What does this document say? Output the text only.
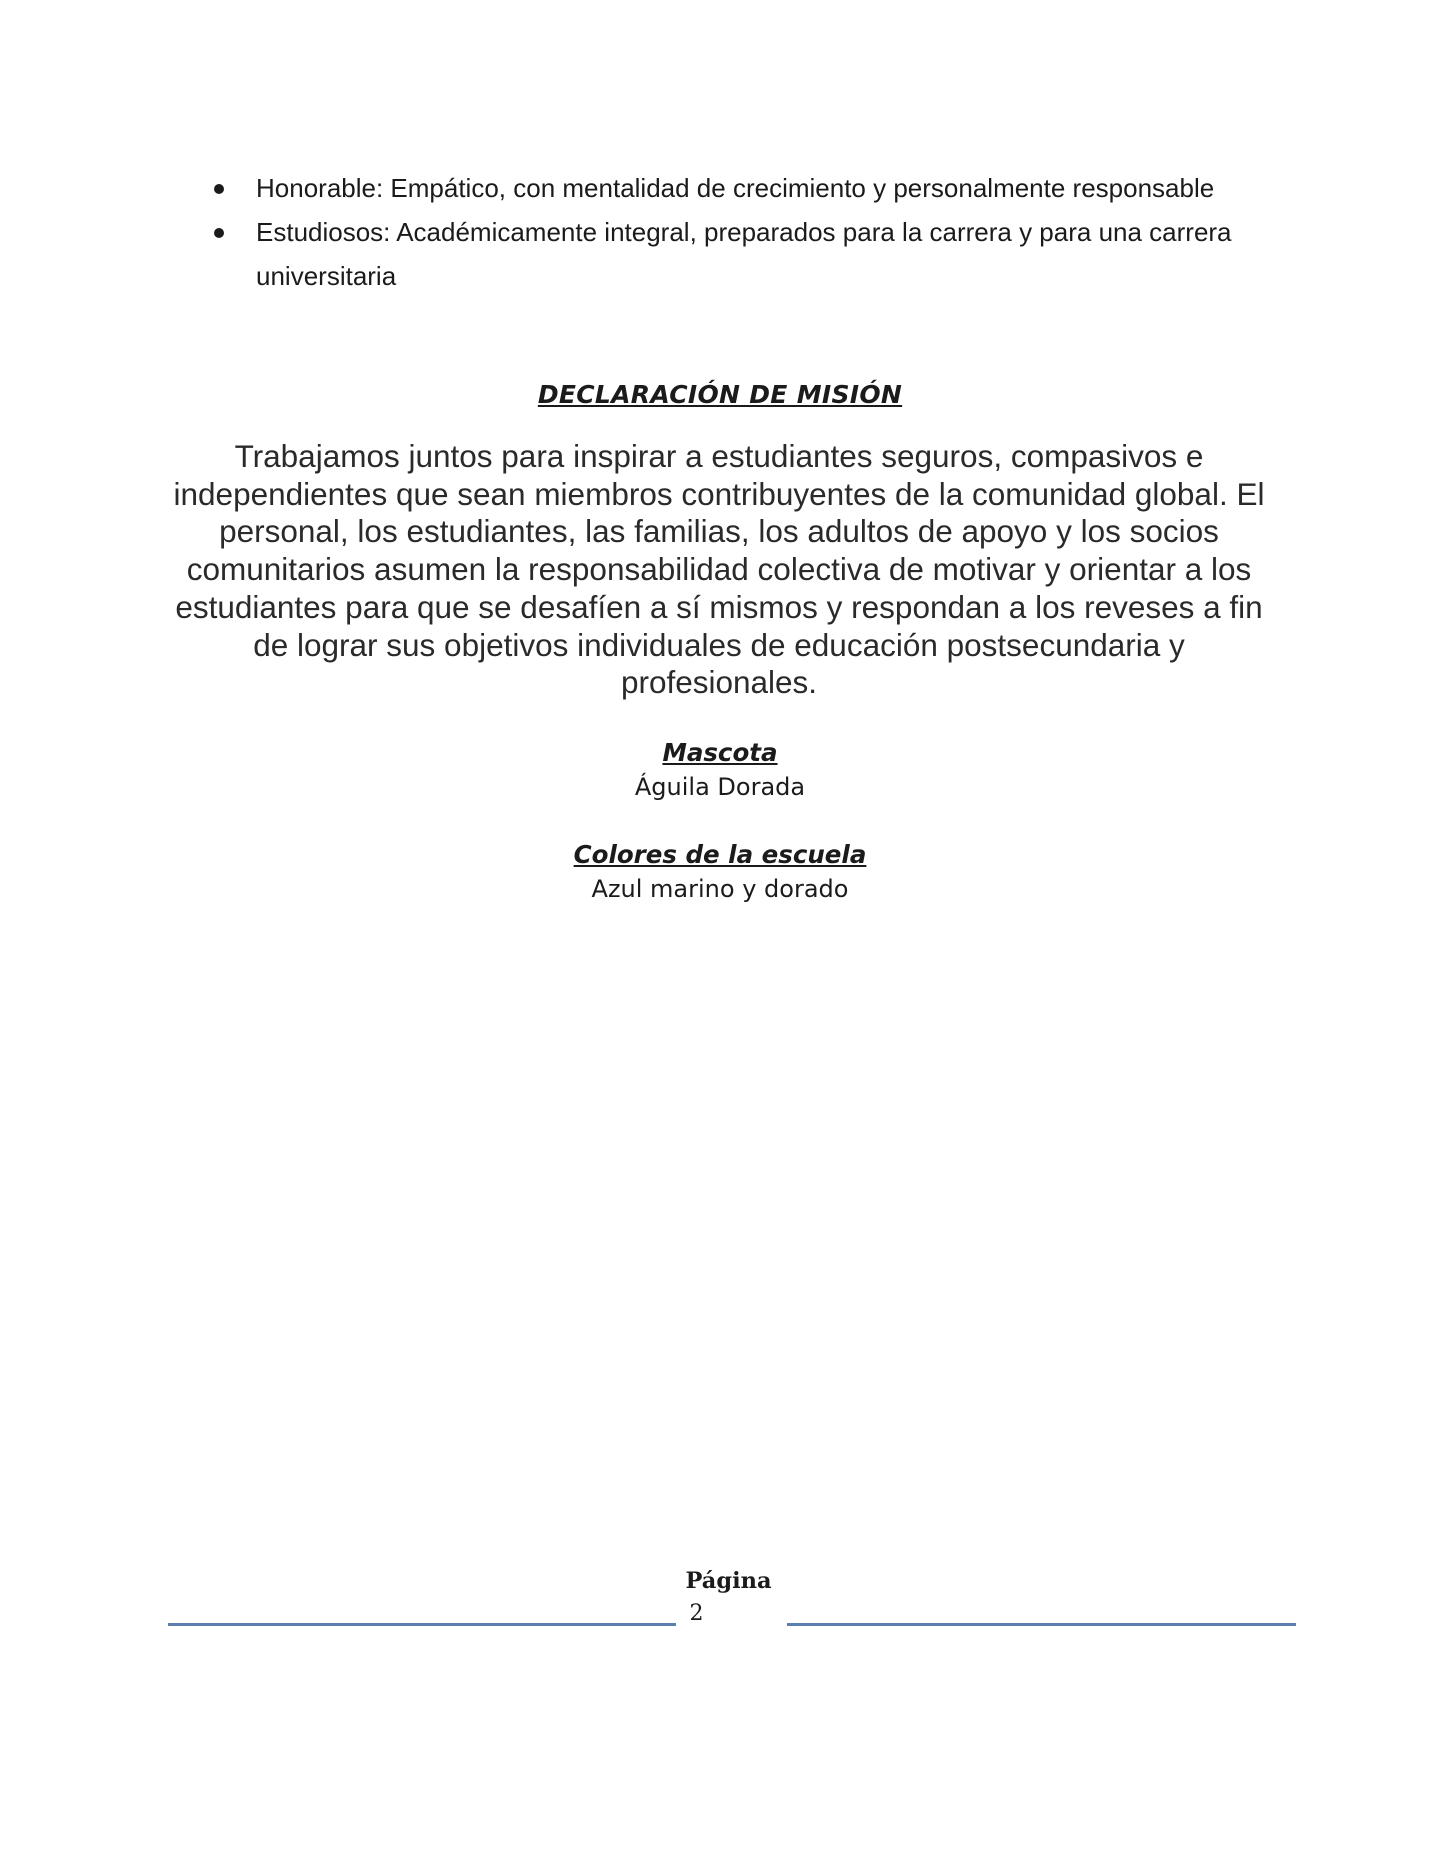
Honorable: Empático, con mentalidad de crecimiento y personalmente responsable
Estudiosos: Académicamente integral, preparados para la carrera y para una carrera universitaria
DECLARACIÓN DE MISIÓN

Trabajamos juntos para inspirar a estudiantes seguros, compasivos e independientes que sean miembros contribuyentes de la comunidad global. El personal, los estudiantes, las familias, los adultos de apoyo y los socios comunitarios asumen la responsabilidad colectiva de motivar y orientar a los estudiantes para que se desafíen a sí mismos y respondan a los reveses a fin de lograr sus objetivos individuales de educación postsecundaria y profesionales.

Mascota
Águila Dorada
Colores de la escuela
Azul marino y dorado
Página
2
